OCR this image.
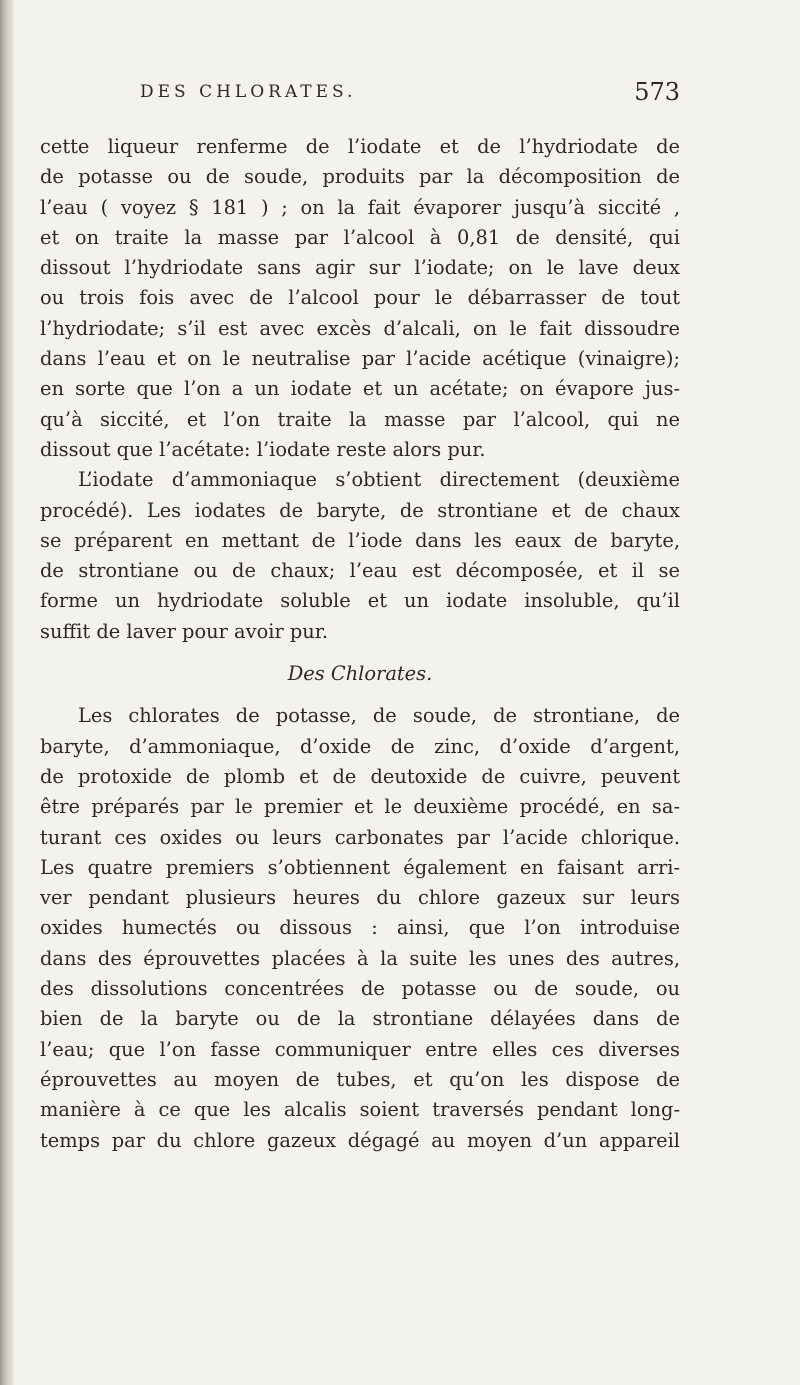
DES CHLORATES.	573
cette liqueur renferme de l’iodate et de l’hydriodate de
de potasse ou de soude, produits par la décomposition de
l’eau ( voyez § 181 ) ; on la fait évaporer jusqu’à siccité ,
et on traite la masse par l’alcool à 0,81 de densité, qui
dissout l’hydriodate sans agir sur l’iodate; on le lave deux
ou trois fois avec de l’alcool pour le débarrasser de tout
l’hydriodate; s’il est avec excès d’alcali, on le fait dissoudre
dans l’eau et on le neutralise par l’acide acétique (vinaigre);
en sorte que l’on a un iodate et un acétate; on évapore jus-
qu’à siccité, et l’on traite la masse par l’alcool, qui ne
dissout que l’acétate: l’iodate reste alors pur.
L’iodate d’ammoniaque s’obtient directement (deuxième
procédé). Les iodates de baryte, de strontiane et de chaux
se préparent en mettant de l’iode dans les eaux de baryte,
de strontiane ou de chaux; l’eau est décomposée, et il se
forme un hydriodate soluble et un iodate insoluble, qu’il
suffit de laver pour avoir pur.
Des Chlorates.
Les chlorates de potasse, de soude, de strontiane, de
baryte, d’ammoniaque, d’oxide de zinc, d’oxide d’argent,
de protoxide de plomb et de deutoxide de cuivre, peuvent
être préparés par le premier et le deuxième procédé, en sa-
turant ces oxides ou leurs carbonates par l’acide chlorique.
Les quatre premiers s’obtiennent également en faisant arri-
ver pendant plusieurs heures du chlore gazeux sur leurs
oxides humectés ou dissous : ainsi, que l’on introduise
dans des éprouvettes placées à la suite les unes des autres,
des dissolutions concentrées de potasse ou de soude, ou
bien de la baryte ou de la strontiane délayées dans de
l’eau; que l’on fasse communiquer entre elles ces diverses
éprouvettes au moyen de tubes, et qu’on les dispose de
manière à ce que les alcalis soient traversés pendant long-
temps par du chlore gazeux dégagé au moyen d’un appareil
